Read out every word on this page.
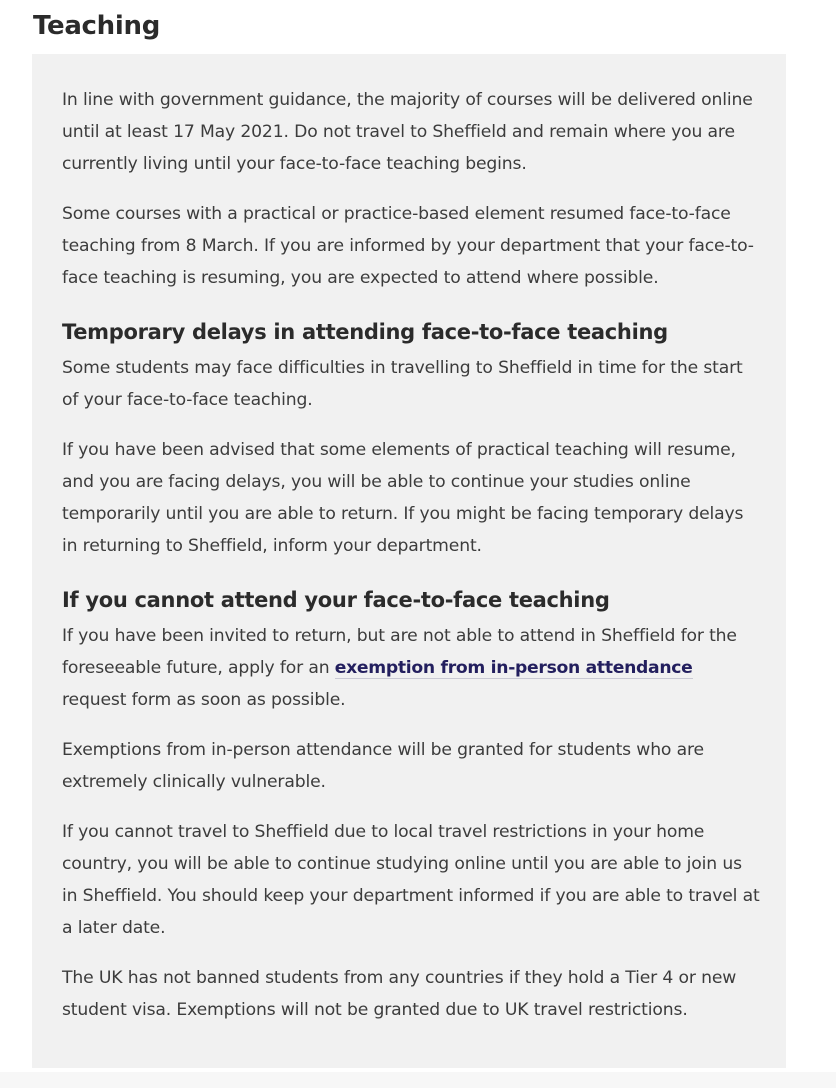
Teaching

In line with government guidance, the majority of courses will be delivered online until at least 17 May 2021. Do not travel to Sheffield and remain where you are currently living until your face-to-face teaching begins.

Some courses with a practical or practice-based element resumed face-to-face teaching from 8 March. If you are informed by your department that your face-to-face teaching is resuming, you are expected to attend where possible.

Temporary delays in attending face-to-face teaching

Some students may face difficulties in travelling to Sheffield in time for the start of your face-to-face teaching.

If you have been advised that some elements of practical teaching will resume, and you are facing delays, you will be able to continue your studies online temporarily until you are able to return. If you might be facing temporary delays in returning to Sheffield, inform your department.

If you cannot attend your face-to-face teaching

If you have been invited to return, but are not able to attend in Sheffield for the foreseeable future, apply for an exemption from in-person attendance request form as soon as possible.

Exemptions from in-person attendance will be granted for students who are extremely clinically vulnerable.

If you cannot travel to Sheffield due to local travel restrictions in your home country, you will be able to continue studying online until you are able to join us in Sheffield. You should keep your department informed if you are able to travel at a later date.

The UK has not banned students from any countries if they hold a Tier 4 or new student visa. Exemptions will not be granted due to UK travel restrictions.
